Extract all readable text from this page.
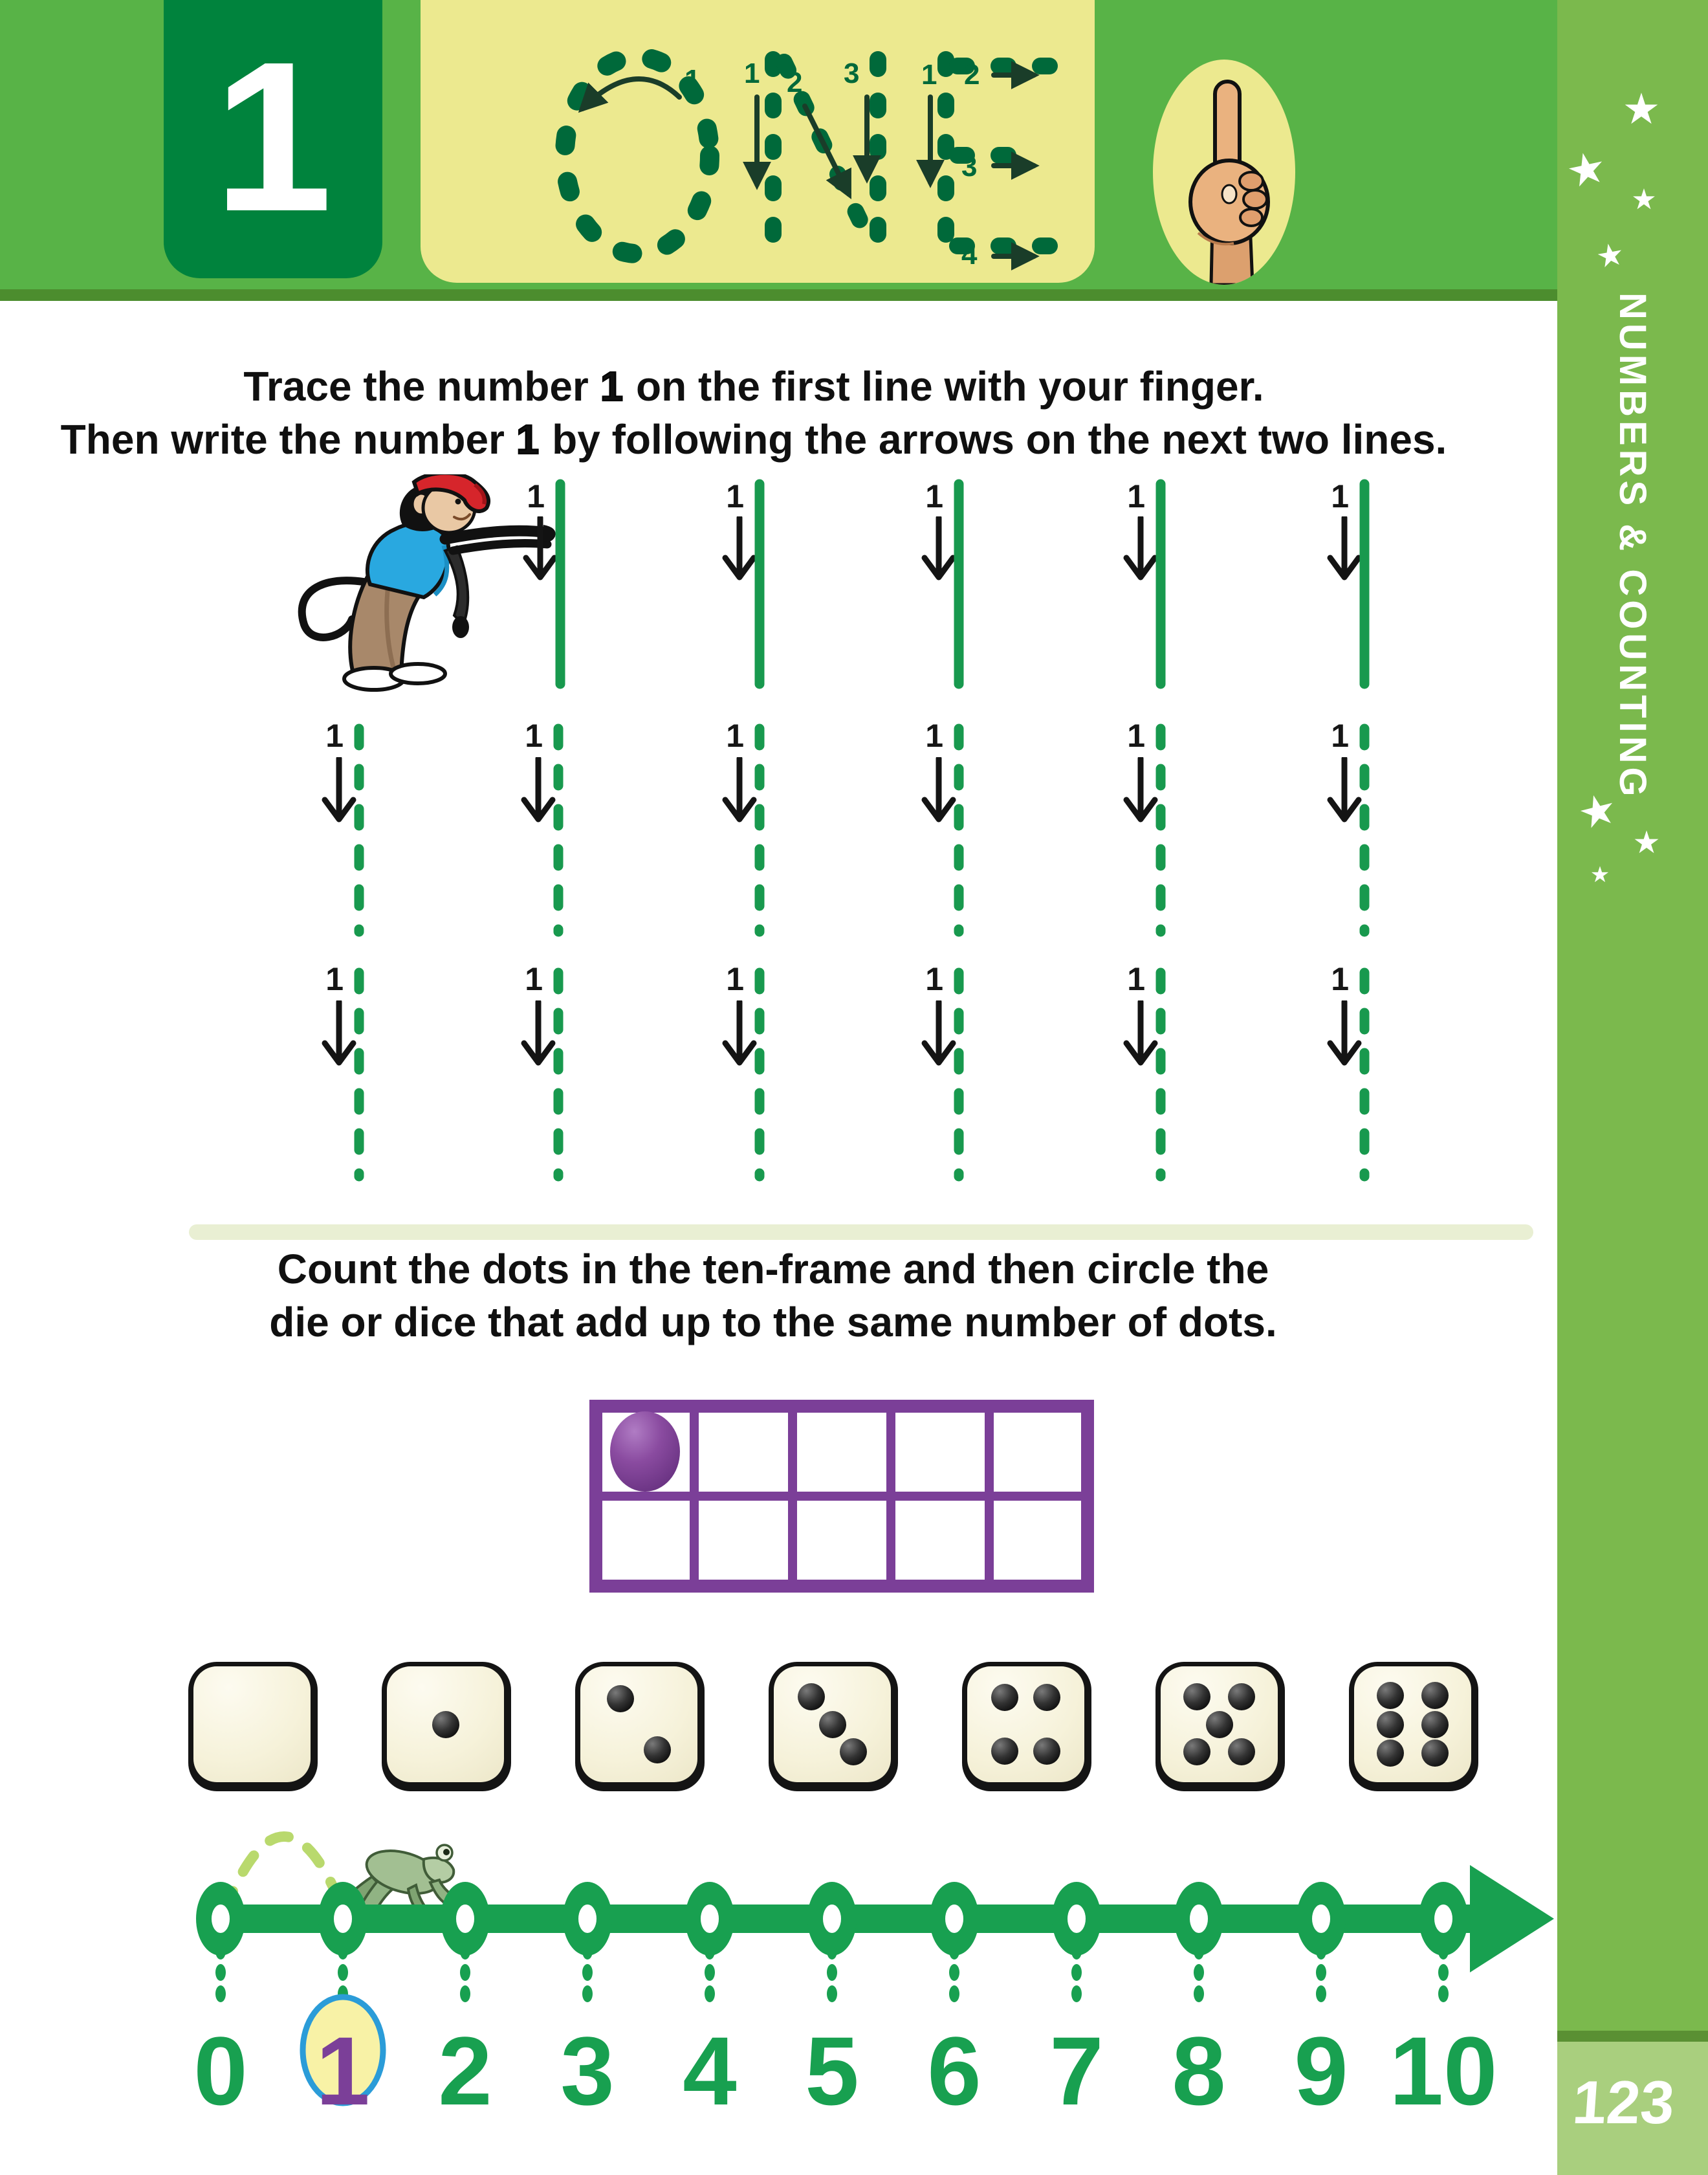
1	1 1 2 3 1 2
3
4
★
★
★
★
NUMBERS & COUNTING
★
★
★
123
Trace the number 1 on the first line with your finger.
Then write the number 1 by following the arrows on the next two lines.
1	1	1	1	1
1	1	1	1	1	1
1	1	1	1	1	1
Count the dots in the ten-frame and then circle the
die or dice that add up to the same number of dots.
0 1 2 3 4 5 6 7 8 9 10
